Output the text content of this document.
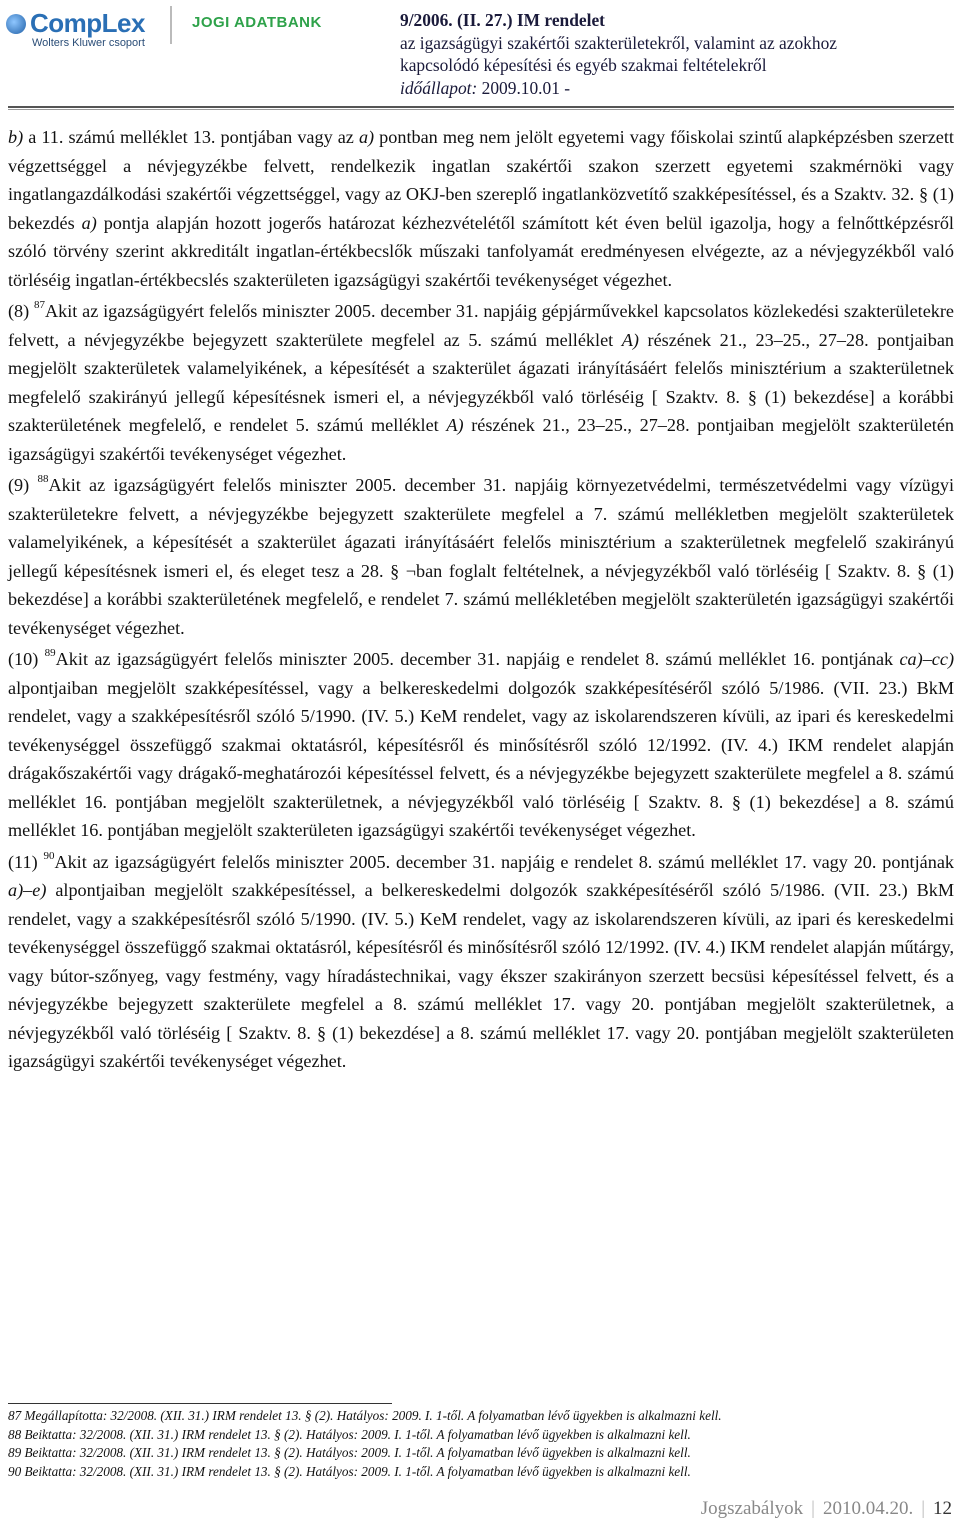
CompLex
Wolters Kluwer csoport
JOGI ADATBANK	9/2006. (II. 27.) IM rendelet
az igazságügyi szakértői szakterületekről, valamint az azokhoz
kapcsolódó képesítési és egyéb szakmai feltételekről
időállapot: 2009.10.01 -

b) a 11. számú melléklet 13. pontjában vagy az a) pontban meg nem jelölt egyetemi vagy főiskolai szintű alapképzésben szerzett végzettséggel a névjegyzékbe felvett, rendelkezik ingatlan szakértői szakon szerzett egyetemi szakmérnöki vagy ingatlangazdálkodási szakértői végzettséggel, vagy az OKJ-ben szereplő ingatlanközvetítő szakképesítéssel, és a Szaktv. 32. § (1) bekezdés a) pontja alapján hozott jogerős határozat kézhezvételétől számított két éven belül igazolja, hogy a felnőttképzésről szóló törvény szerint akkreditált ingatlan-értékbecslők műszaki tanfolyamát eredményesen elvégezte, az a névjegyzékből való törléséig ingatlan-értékbecslés szakterületen igazságügyi szakértői tevékenységet végezhet.

(8) $^{87}$Akit az igazságügyért felelős miniszter 2005. december 31. napjáig gépjárművekkel kapcsolatos közlekedési szakterületekre felvett, a névjegyzékbe bejegyzett szakterülete megfelel az 5. számú melléklet A) részének 21., 23–25., 27–28. pontjaiban megjelölt szakterületek valamelyikének, a képesítését a szakterület ágazati irányításáért felelős minisztérium a szakterületnek megfelelő szakirányú jellegű képesítésnek ismeri el, a névjegyzékből való törléséig [ Szaktv. 8. § (1) bekezdése] a korábbi szakterületének megfelelő, e rendelet 5. számú melléklet A) részének 21., 23–25., 27–28. pontjaiban megjelölt szakterületén igazságügyi szakértői tevékenységet végezhet.

(9) $^{88}$Akit az igazságügyért felelős miniszter 2005. december 31. napjáig környezetvédelmi, természetvédelmi vagy vízügyi szakterületekre felvett, a névjegyzékbe bejegyzett szakterülete megfelel a 7. számú mellékletben megjelölt szakterületek valamelyikének, a képesítését a szakterület ágazati irányításáért felelős minisztérium a szakterületnek megfelelő szakirányú jellegű képesítésnek ismeri el, és eleget tesz a 28. § ¬ban foglalt feltételnek, a névjegyzékből való törléséig [ Szaktv. 8. § (1) bekezdése] a korábbi szakterületének megfelelő, e rendelet 7. számú mellékletében megjelölt szakterületén igazságügyi szakértői tevékenységet végezhet.

(10) $^{89}$Akit az igazságügyért felelős miniszter 2005. december 31. napjáig e rendelet 8. számú melléklet 16. pontjának ca)–cc) alpontjaiban megjelölt szakképesítéssel, vagy a belkereskedelmi dolgozók szakképesítéséről szóló 5/1986. (VII. 23.) BkM rendelet, vagy a szakképesítésről szóló 5/1990. (IV. 5.) KeM rendelet, vagy az iskolarendszeren kívüli, az ipari és kereskedelmi tevékenységgel összefüggő szakmai oktatásról, képesítésről és minősítésről szóló 12/1992. (IV. 4.) IKM rendelet alapján drágakőszakértői vagy drágakő-meghatározói képesítéssel felvett, és a névjegyzékbe bejegyzett szakterülete megfelel a 8. számú melléklet 16. pontjában megjelölt szakterületnek, a névjegyzékből való törléséig [ Szaktv. 8. § (1) bekezdése] a 8. számú melléklet 16. pontjában megjelölt szakterületen igazságügyi szakértői tevékenységet végezhet.

(11) $^{90}$Akit az igazságügyért felelős miniszter 2005. december 31. napjáig e rendelet 8. számú melléklet 17. vagy 20. pontjának a)–e) alpontjaiban megjelölt szakképesítéssel, a belkereskedelmi dolgozók szakképesítéséről szóló 5/1986. (VII. 23.) BkM rendelet, vagy a szakképesítésről szóló 5/1990. (IV. 5.) KeM rendelet, vagy az iskolarendszeren kívüli, az ipari és kereskedelmi tevékenységgel összefüggő szakmai oktatásról, képesítésről és minősítésről szóló 12/1992. (IV. 4.) IKM rendelet alapján műtárgy, vagy bútor-szőnyeg, vagy festmény, vagy híradástechnikai, vagy ékszer szakirányon szerzett becsüsi képesítéssel felvett, és a névjegyzékbe bejegyzett szakterülete megfelel a 8. számú melléklet 17. vagy 20. pontjában megjelölt szakterületnek, a névjegyzékből való törléséig [ Szaktv. 8. § (1) bekezdése] a 8. számú melléklet 17. vagy 20. pontjában megjelölt szakterületen igazságügyi szakértői tevékenységet végezhet.

87 Megállapította: 32/2008. (XII. 31.) IRM rendelet 13. § (2). Hatályos: 2009. I. 1-től. A folyamatban lévő ügyekben is alkalmazni kell.
88 Beiktatta: 32/2008. (XII. 31.) IRM rendelet 13. § (2). Hatályos: 2009. I. 1-től. A folyamatban lévő ügyekben is alkalmazni kell.
89 Beiktatta: 32/2008. (XII. 31.) IRM rendelet 13. § (2). Hatályos: 2009. I. 1-től. A folyamatban lévő ügyekben is alkalmazni kell.
90 Beiktatta: 32/2008. (XII. 31.) IRM rendelet 13. § (2). Hatályos: 2009. I. 1-től. A folyamatban lévő ügyekben is alkalmazni kell.
Jogszabályok | 2010.04.20. | 12
